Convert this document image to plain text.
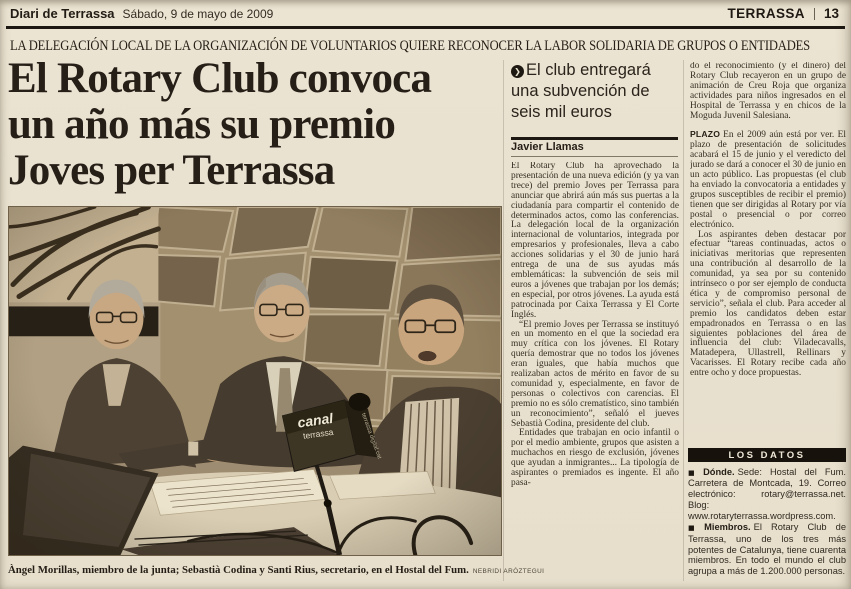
Diari de Terrassa Sábado, 9 de mayo de 2009	TERRASSA 13
LA DELEGACIÓN LOCAL DE LA ORGANIZACIÓN DE VOLUNTARIOS QUIERE RECONOCER LA LABOR SOLIDARIA DE GRUPOS O ENTIDADES
El Rotary Club convoca
un año más su premio
Joves per Terrassa
❯ El club entregará una subvención de seis mil euros
Javier Llamas

El Rotary Club ha aprovechado la presentación de una nueva edición (y ya van trece) del premio Joves per Terrassa para anunciar que abrirá aún más sus puertas a la ciudadanía para compartir el contenido de determinados actos, como las conferencias. La delegación local de la organización internacional de voluntarios, integrada por empresarios y profesionales, lleva a cabo acciones solidarias y el 30 de junio hará entrega de una de sus ayudas más emblemáticas: la subvención de seis mil euros a jóvenes que trabajan por los demás; en especial, por otros jóvenes. La ayuda está patrocinada por Caixa Terrassa y El Corte Inglés.

“El premio Joves per Terrassa se instituyó en un momento en el que la sociedad era muy crítica con los jóvenes. El Rotary quería demostrar que no todos los jóvenes eran iguales, que había muchos que realizaban actos de mérito en favor de su comunidad y, especialmente, en favor de personas o colectivos con carencias. El premio no es sólo crematístico, sino también un reconocimiento”, señaló el jueves Sebastià Codina, presidente del club.

Entidades que trabajan en ocio infantil o por el medio ambiente, grupos que asisten a muchachos en riesgo de exclusión, jóvenes que ayudan a inmigrantes... La tipología de aspirantes o premiados es ingente. El año pasa-

do el reconocimiento (y el dinero) del Rotary Club recayeron en un grupo de animación de Creu Roja que organiza actividades para niños ingresados en el Hospital de Terrassa y en chicos de la Moguda Juvenil Salesiana.

PLAZO En el 2009 aún está por ver. El plazo de presentación de solicitudes acabará el 15 de junio y el veredicto del jurado se dará a conocer el 30 de junio en un acto público. Las propuestas (el club ha enviado la convocatoria a entidades y grupos susceptibles de recibir el premio) tienen que ser dirigidas al Rotary por vía postal o presencial o por correo electrónico.

Los aspirantes deben destacar por efectuar “tareas continuadas, actos o iniciativas meritorias que representen una contribución al desarrollo de la comunidad, ya sea por su contenido intrínseco o por ser ejemplo de conducta ética y de compromiso personal de servicio”, señala el club. Para acceder al premio los candidatos deben estar empadronados en Terrassa o en las siguientes poblaciones del área de influencia del club: Viladecavalls, Matadepera, Ullastrell, Rellinars y Vacarisses. El Rotary recibe cada año entre ocho y doce propuestas.

LOS DATOS
■ Dónde. Sede: Hostal del Fum. Carretera de Montcada, 19. Correo electrónico: rotary@terrassa.net. Blog: www.rotaryterrassa.wordpress.com.
■ Miembros. El Rotary Club de Terrassa, uno de los tres más potentes de Catalunya, tiene cuarenta miembros. En todo el mundo el club agrupa a más de 1.200.000 personas.
Àngel Morillas, miembro de la junta; Sebastià Codina y Santi Rius, secretario, en el Hostal del Fum. NEBRIDI ARÓZTEGUI
